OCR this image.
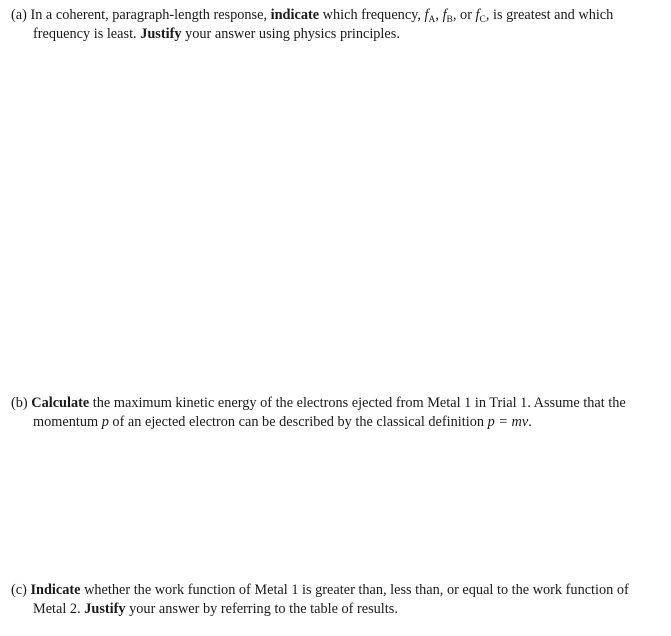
(a) In a coherent, paragraph-length response, indicate which frequency, $f_A$, $f_B$, or $f_C$, is greatest and which
frequency is least. Justify your answer using physics principles.
(b) Calculate the maximum kinetic energy of the electrons ejected from Metal 1 in Trial 1. Assume that the
momentum p of an ejected electron can be described by the classical definition p = mv.
(c) Indicate whether the work function of Metal 1 is greater than, less than, or equal to the work function of
Metal 2. Justify your answer by referring to the table of results.
